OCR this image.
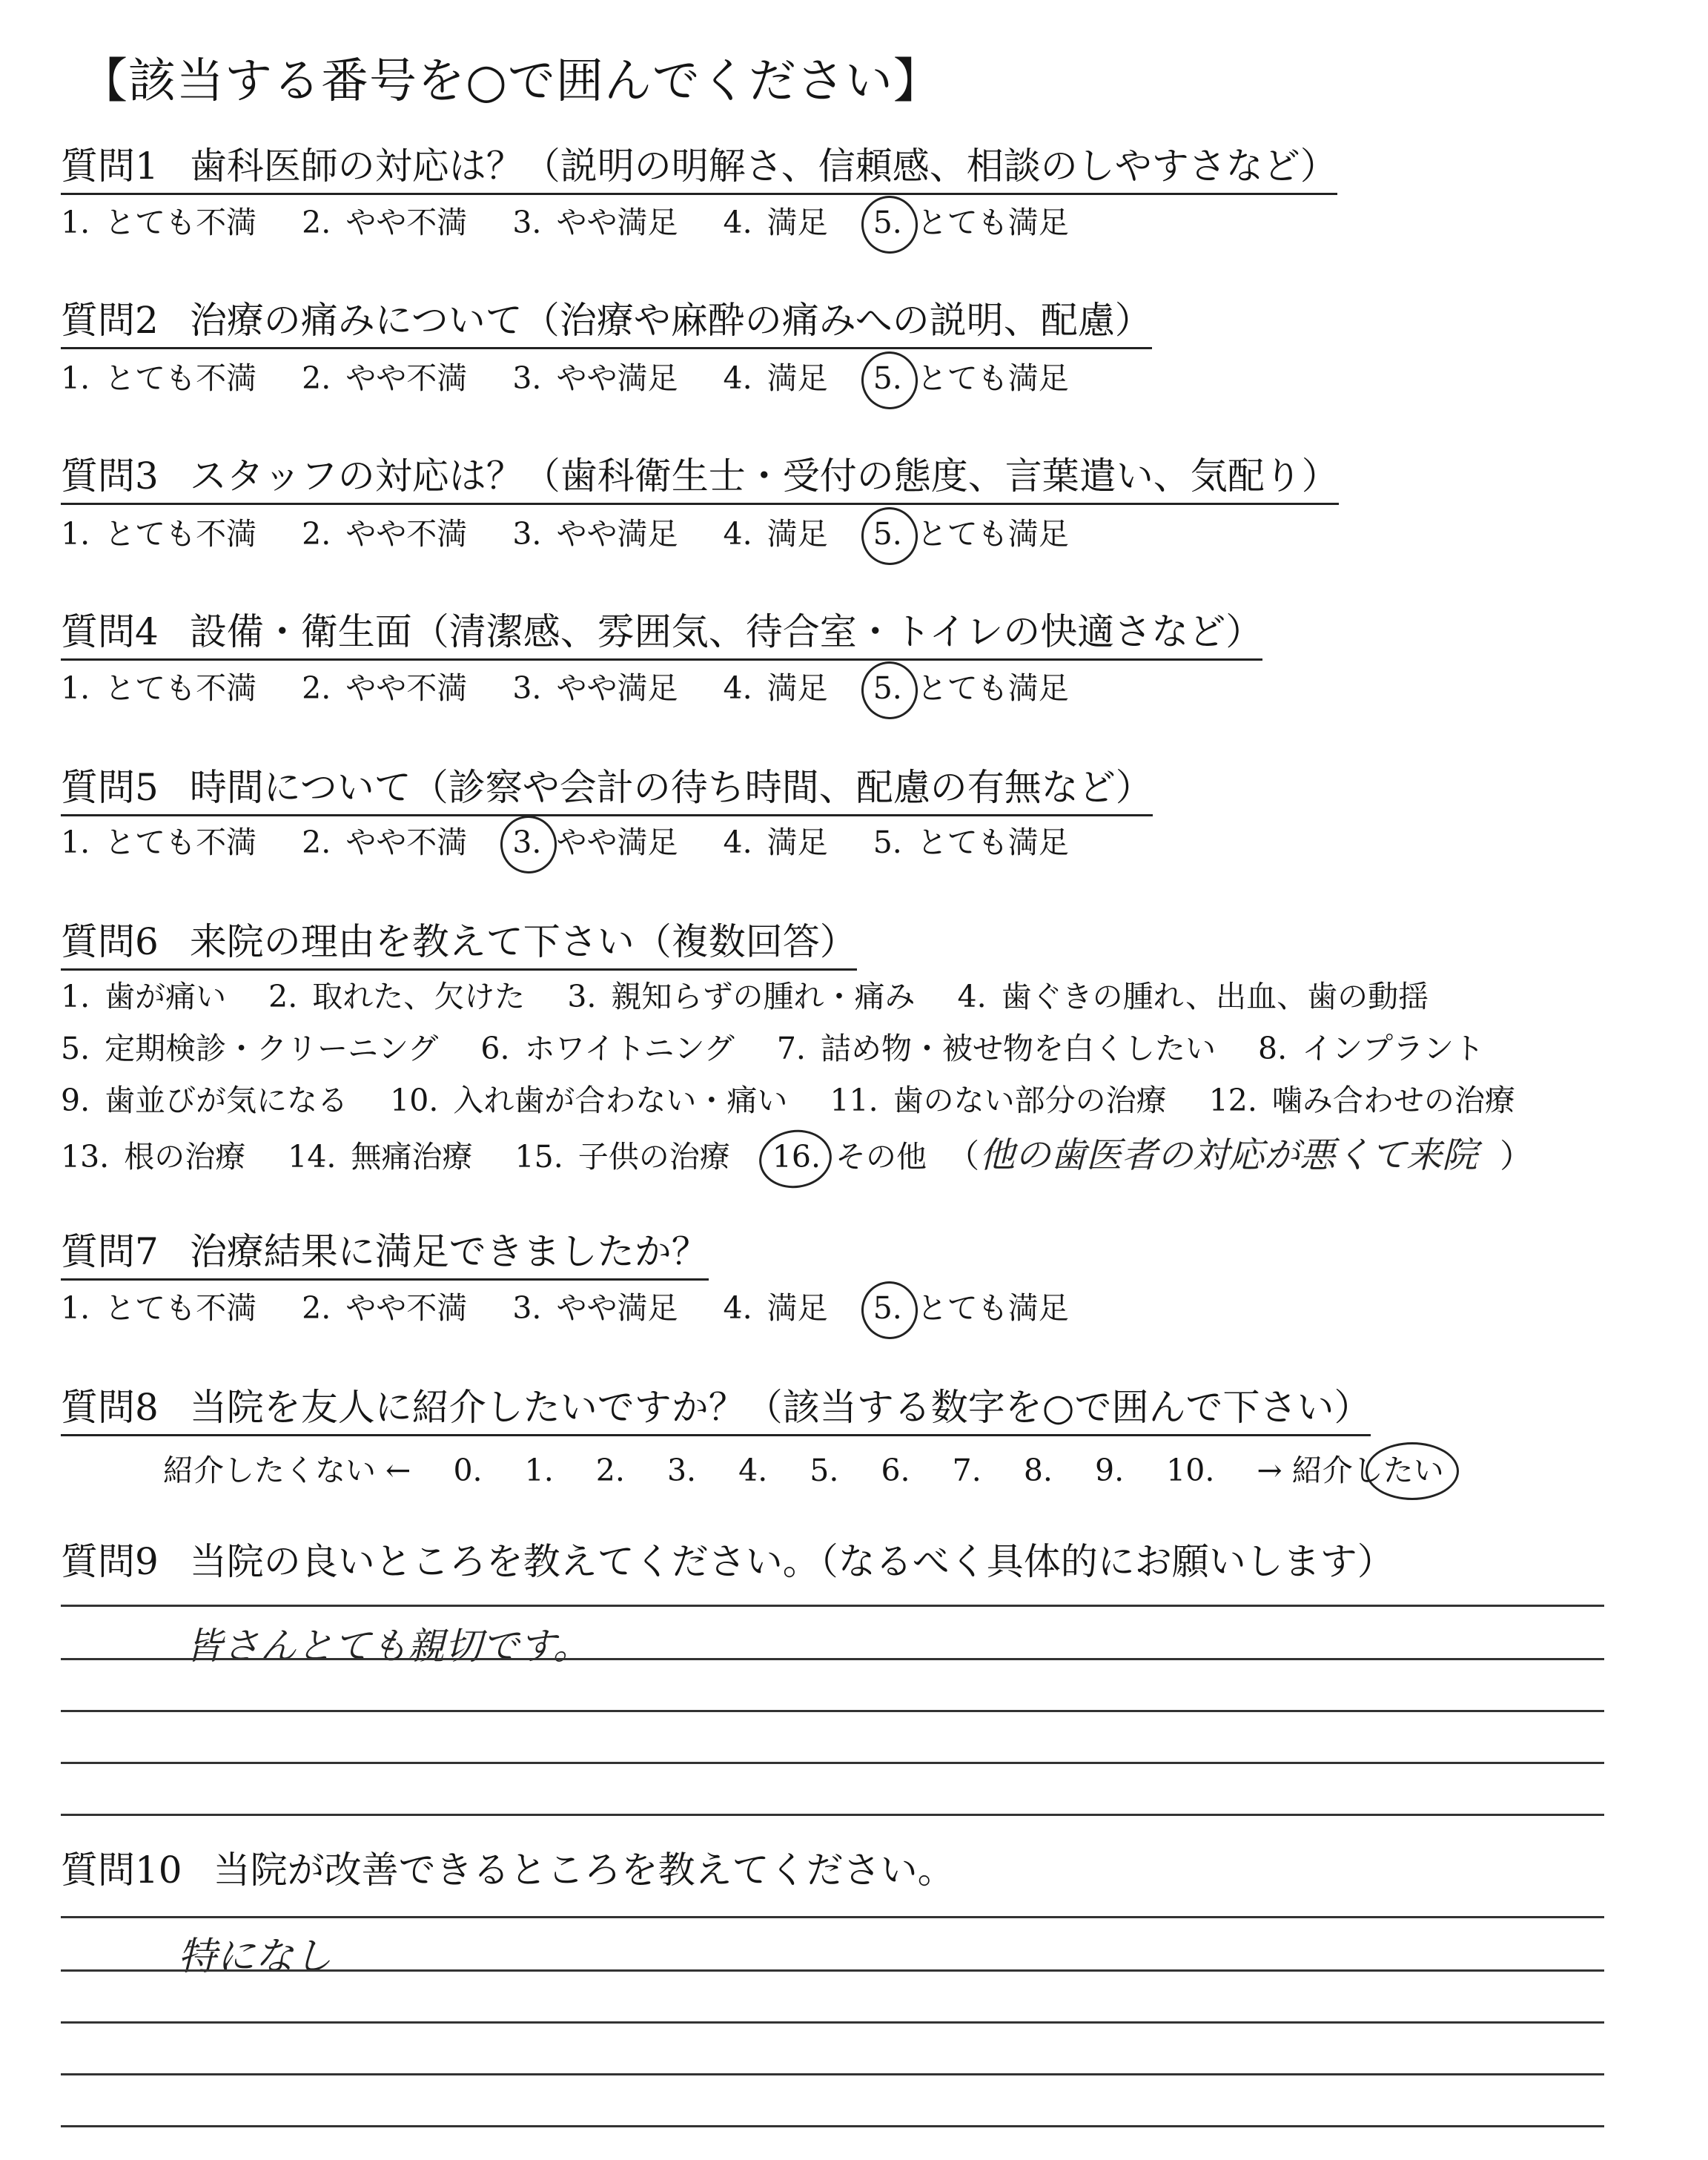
【該当する番号を○で囲んでください】
質問1 歯科医師の対応は？（説明の明解さ、信頼感、相談のしやすさなど）
1. とても不満 2. やや不満 3. やや満足 4. 満足 5. とても満足
質問2 治療の痛みについて（治療や麻酔の痛みへの説明、配慮）
1. とても不満 2. やや不満 3. やや満足 4. 満足 5. とても満足
質問3 スタッフの対応は？（歯科衛生士・受付の態度、言葉遣い、気配り）
1. とても不満 2. やや不満 3. やや満足 4. 満足 5. とても満足
質問4 設備・衛生面（清潔感、雰囲気、待合室・トイレの快適さなど）
1. とても不満 2. やや不満 3. やや満足 4. 満足 5. とても満足
質問5 時間について（診察や会計の待ち時間、配慮の有無など）
1. とても不満 2. やや不満 3. やや満足 4. 満足 5. とても満足
質問6 来院の理由を教えて下さい（複数回答）
1. 歯が痛い 2. 取れた、欠けた 3. 親知らずの腫れ・痛み 4. 歯ぐきの腫れ、出血、歯の動揺
5. 定期検診・クリーニング 6. ホワイトニング 7. 詰め物・被せ物を白くしたい 8. インプラント
9. 歯並びが気になる 10. 入れ歯が合わない・痛い 11. 歯のない部分の治療 12. 噛み合わせの治療
13. 根の治療 14. 無痛治療 15. 子供の治療 16. その他 （他の歯医者の対応が悪くて来院 ）
質問7 治療結果に満足できましたか？
1. とても不満 2. やや不満 3. やや満足 4. 満足 5. とても満足
質問8 当院を友人に紹介したいですか？（該当する数字を○で囲んで下さい）
紹介したくない ← 0. 1. 2. 3. 4. 5. 6. 7. 8. 9. 10. → 紹介したい
質問9 当院の良いところを教えてください。（なるべく具体的にお願いします）
皆さんとても親切です。
質問10 当院が改善できるところを教えてください。
特になし
